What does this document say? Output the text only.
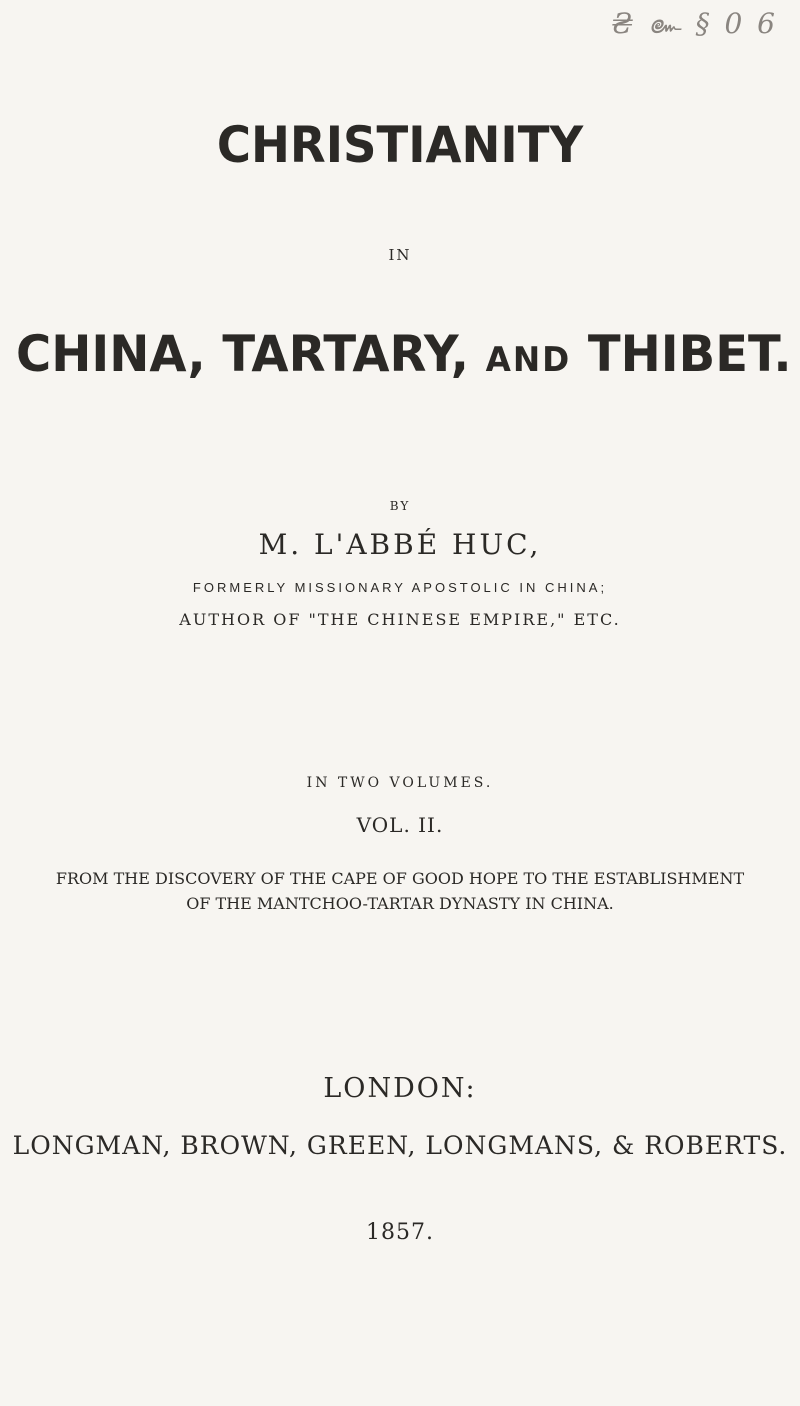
₴ ๛ § 0 6
CHRISTIANITY

IN

CHINA, TARTARY, AND THIBET.

BY

M. L'ABBÉ HUC,

FORMERLY MISSIONARY APOSTOLIC IN CHINA;

AUTHOR OF "THE CHINESE EMPIRE," ETC.

IN TWO VOLUMES.

VOL. II.

FROM THE DISCOVERY OF THE CAPE OF GOOD HOPE TO THE ESTABLISHMENT

OF THE MANTCHOO-TARTAR DYNASTY IN CHINA.

LONDON:

LONGMAN, BROWN, GREEN, LONGMANS, & ROBERTS.

1857.
